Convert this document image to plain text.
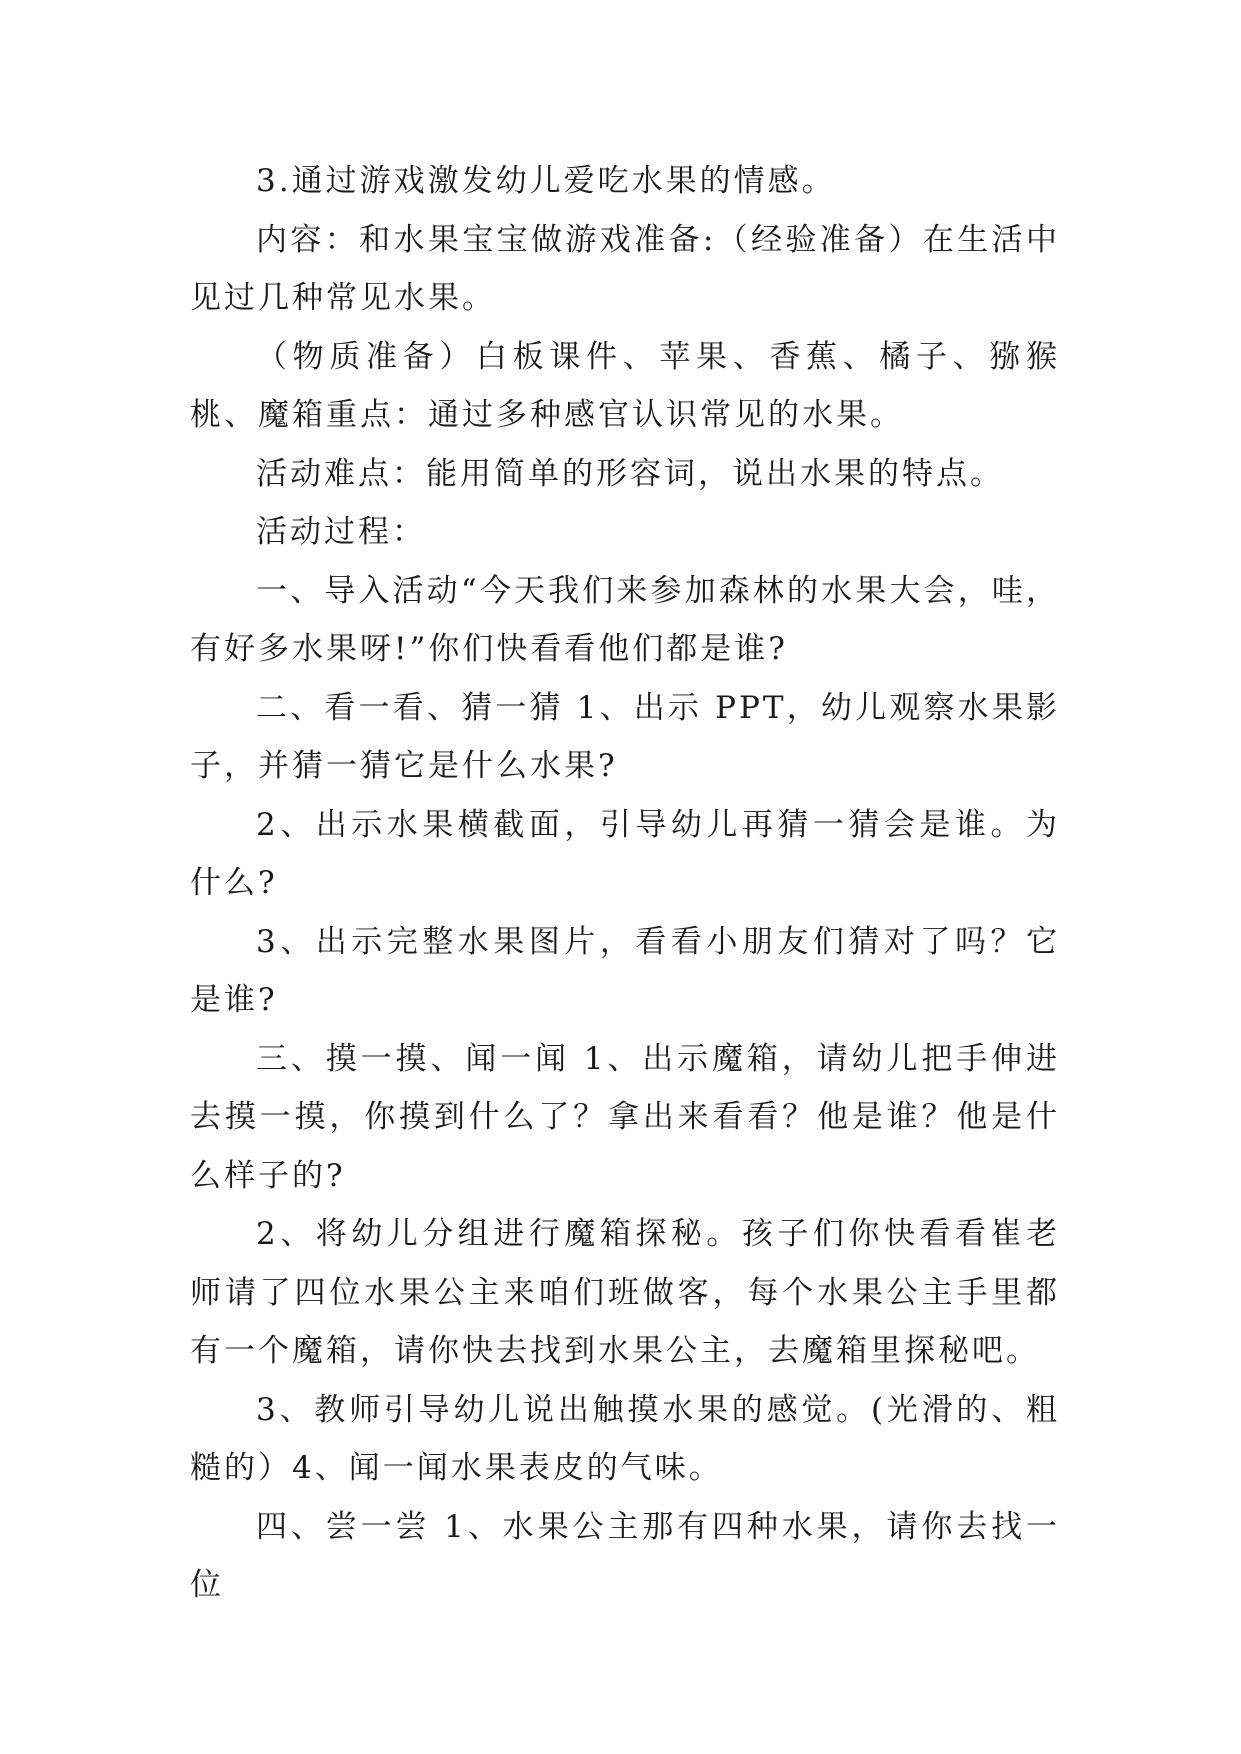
3.通过游戏激发幼儿爱吃水果的情感。

内容：和水果宝宝做游戏准备:（经验准备）在生活中见过几种常见水果。

（物质准备）白板课件、苹果、香蕉、橘子、猕猴桃、魔箱重点：通过多种感官认识常见的水果。

活动难点：能用简单的形容词，说出水果的特点。

活动过程：

一、导入活动“今天我们来参加森林的水果大会，哇，有好多水果呀!”你们快看看他们都是谁?

二、看一看、猜一猜 1、出示 PPT，幼儿观察水果影子，并猜一猜它是什么水果?

2、出示水果横截面，引导幼儿再猜一猜会是谁。为什么?

3、出示完整水果图片，看看小朋友们猜对了吗？它是谁?

三、摸一摸、闻一闻 1、出示魔箱，请幼儿把手伸进去摸一摸，你摸到什么了？拿出来看看？他是谁？他是什么样子的?

2、将幼儿分组进行魔箱探秘。孩子们你快看看崔老师请了四位水果公主来咱们班做客，每个水果公主手里都有一个魔箱，请你快去找到水果公主，去魔箱里探秘吧。

3、教师引导幼儿说出触摸水果的感觉。(光滑的、粗糙的）4、闻一闻水果表皮的气味。

四、尝一尝 1、水果公主那有四种水果，请你去找一位
